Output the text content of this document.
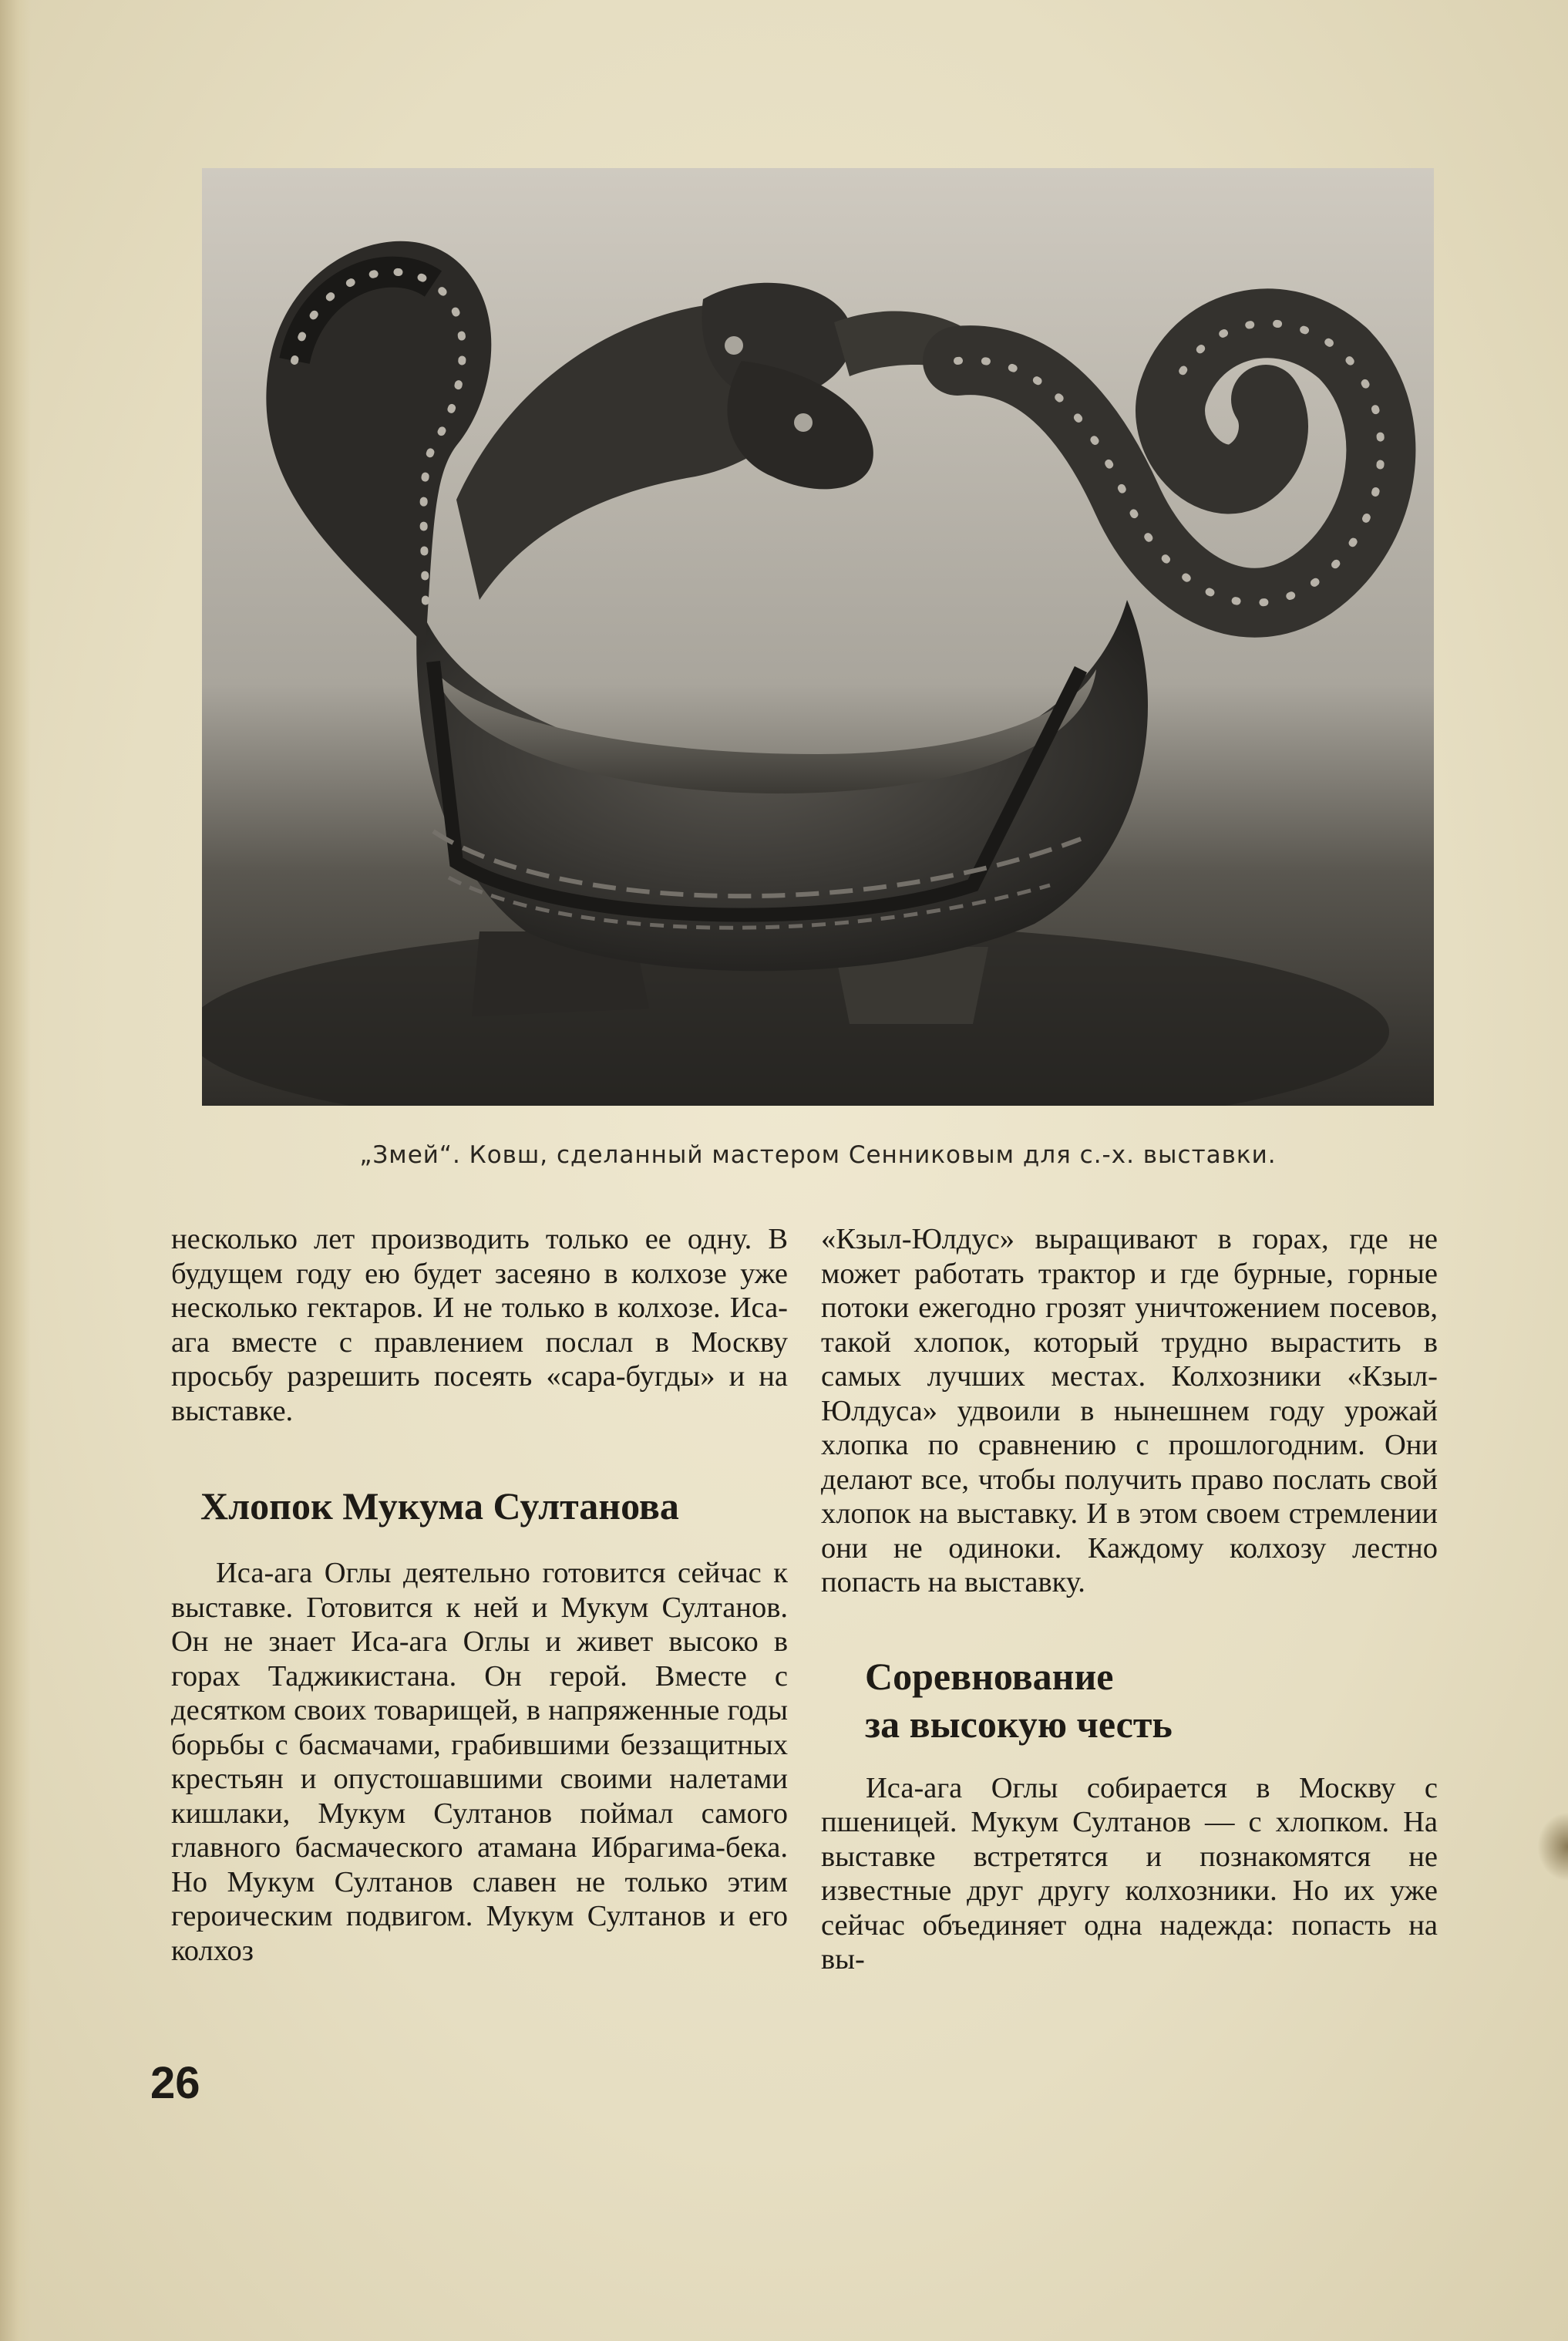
„Змей“. Ковш, сделанный мастером Сенниковым для с.-х. выставки.

несколько лет производить только ее одну. В будущем году ею будет засеяно в колхозе уже несколько гектаров. И не только в колхозе. Иса-ага вместе с правлением послал в Москву просьбу разрешить посеять «сара-бугды» и на выставке.

Хлопок Мукума Султанова

Иса-ага Оглы деятельно готовится сейчас к выставке. Готовится к ней и Мукум Султанов. Он не знает Иса-ага Оглы и живет высоко в горах Таджикистана. Он герой. Вместе с десятком своих товарищей, в напряженные годы борьбы с басмачами, грабившими беззащитных крестьян и опустошавшими своими налетами кишлаки, Мукум Султанов поймал самого главного басмаческого атамана Ибрагима-бека. Но Мукум Султанов славен не только этим героическим подвигом. Мукум Султанов и его колхоз

«Кзыл-Юлдус» выращивают в горах, где не может работать трактор и где бурные, горные потоки ежегодно грозят уничтожением посевов, такой хлопок, который трудно вырастить в самых лучших местах. Колхозники «Кзыл-Юлдуса» удвоили в нынешнем году урожай хлопка по сравнению с прошлогодним. Они делают все, чтобы получить право послать свой хлопок на выставку. И в этом своем стремлении они не одиноки. Каждому колхозу лестно попасть на выставку.

Соревнование
за высокую честь

Иса-ага Оглы собирается в Москву с пшеницей. Мукум Султанов — с хлопком. На выставке встретятся и познакомятся не известные друг другу колхозники. Но их уже сейчас объединяет одна надежда: попасть на вы-

26
